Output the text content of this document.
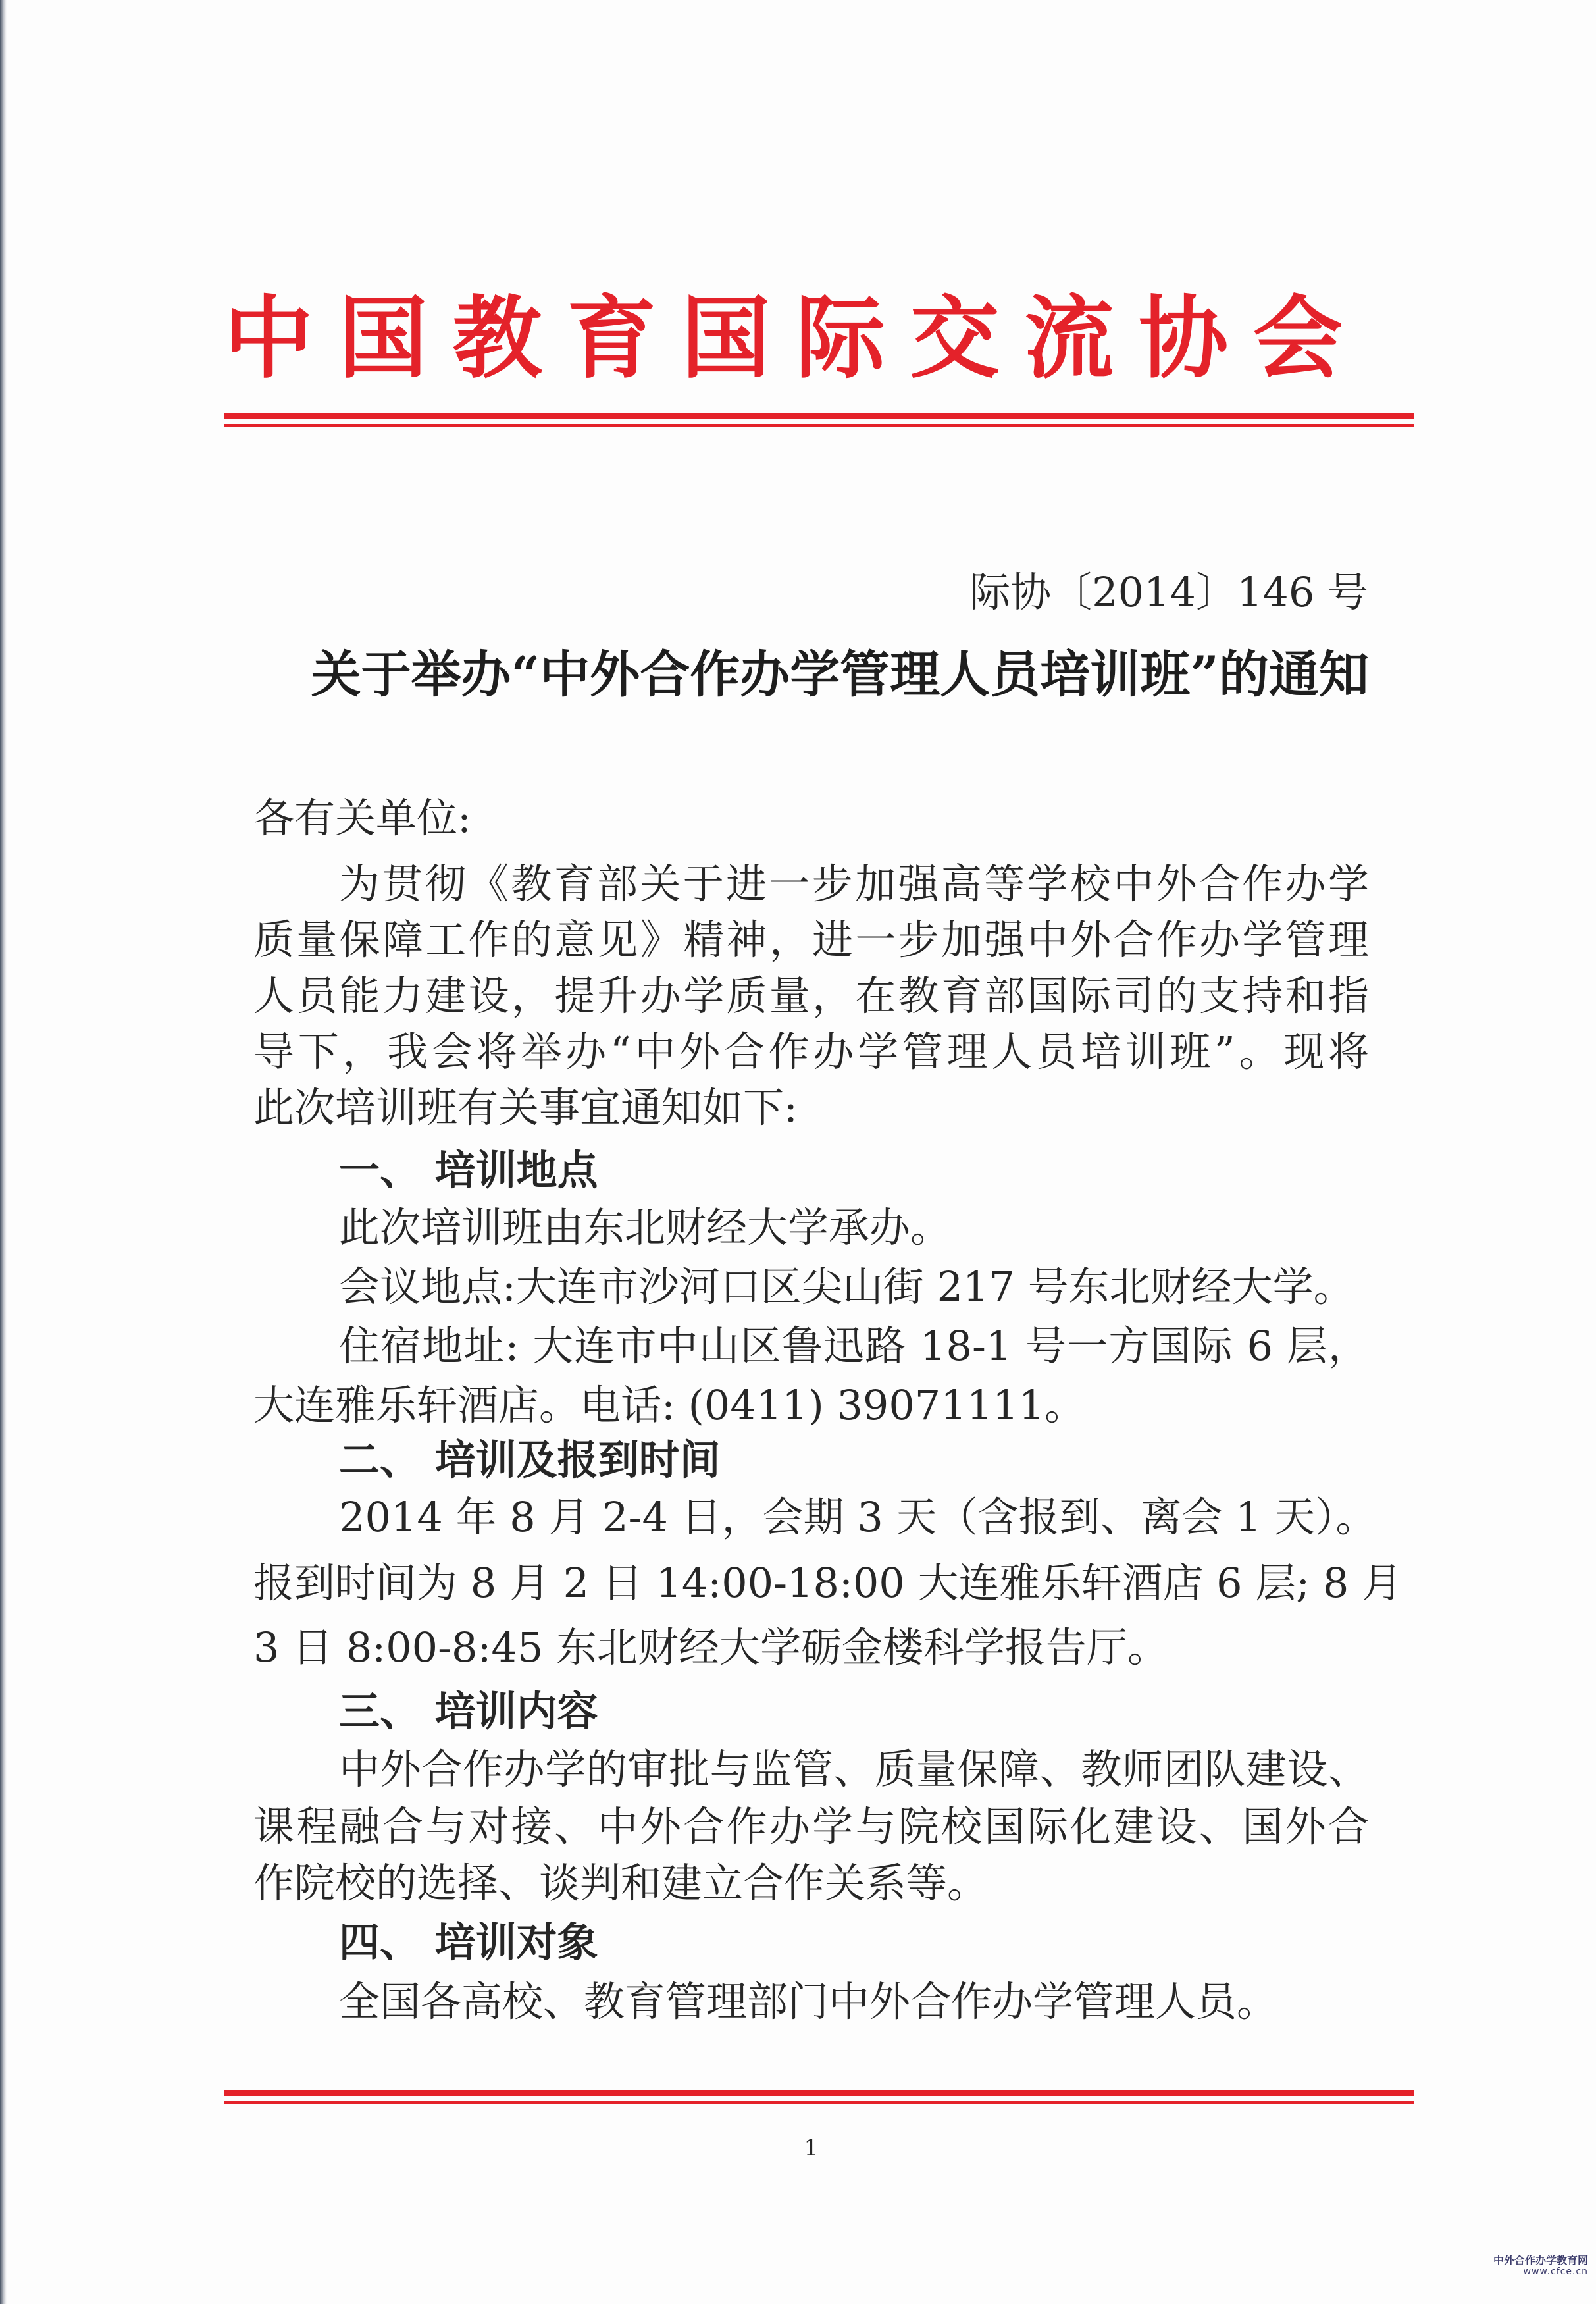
中 国 教 育 国 际 交 流 协 会
际协〔2014〕146 号
关于举办“中外合作办学管理人员培训班”的通知
各有关单位:
为贯彻《教育部关于进一步加强高等学校中外合作办学
质量保障工作的意见》精神，进一步加强中外合作办学管理
人员能力建设，提升办学质量，在教育部国际司的支持和指
导下，我会将举办“中外合作办学管理人员培训班”。现将
此次培训班有关事宜通知如下:
一、 培训地点
此次培训班由东北财经大学承办。
会议地点:大连市沙河口区尖山街 217 号东北财经大学。
住宿地址: 大连市中山区鲁迅路 18-1 号一方国际 6 层，
大连雅乐轩酒店。电话: (0411) 39071111。
二、 培训及报到时间
2014 年 8 月 2-4 日，会期 3 天（含报到、离会 1 天）。
报到时间为 8 月 2 日 14:00-18:00 大连雅乐轩酒店 6 层; 8 月
3 日 8:00-8:45 东北财经大学砺金楼科学报告厅。
三、 培训内容
中外合作办学的审批与监管、质量保障、教师团队建设、
课程融合与对接、中外合作办学与院校国际化建设、国外合
作院校的选择、谈判和建立合作关系等。
四、 培训对象
全国各高校、教育管理部门中外合作办学管理人员。
1
中外合作办学教育网
www.cfce.cn
